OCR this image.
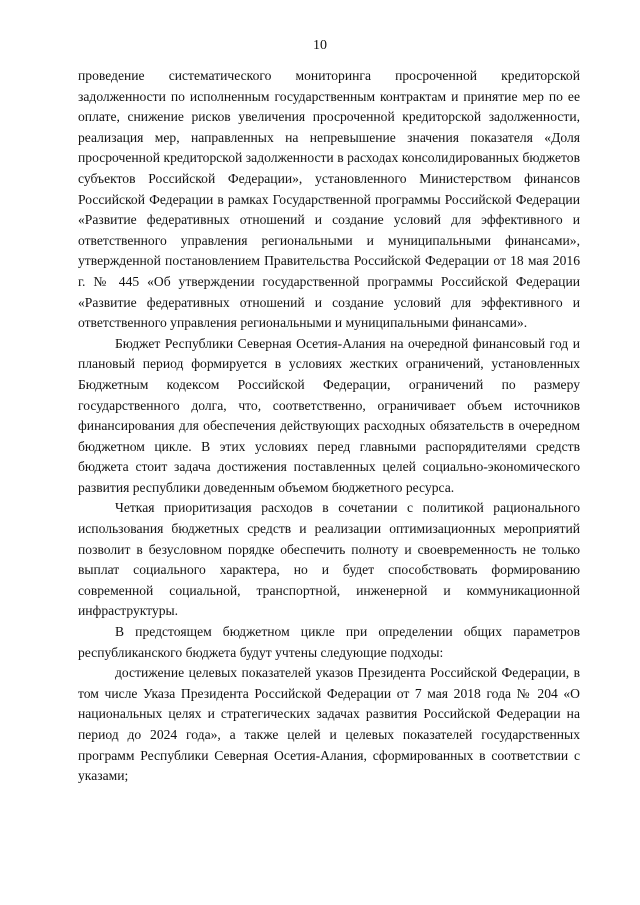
10

проведение систематического мониторинга просроченной кредиторской задолженности по исполненным государственным контрактам и принятие мер по ее оплате, снижение рисков увеличения просроченной кредиторской задолженности, реализация мер, направленных на непревышение значения показателя «Доля просроченной кредиторской задолженности в расходах консолидированных бюджетов субъектов Российской Федерации», установленного Министерством финансов Российской Федерации в рамках Государственной программы Российской Федерации «Развитие федеративных отношений и создание условий для эффективного и ответственного управления региональными и муниципальными финансами», утвержденной постановлением Правительства Российской Федерации от 18 мая 2016 г. № 445 «Об утверждении государственной программы Российской Федерации «Развитие федеративных отношений и создание условий для эффективного и ответственного управления региональными и муниципальными финансами».

Бюджет Республики Северная Осетия-Алания на очередной финансовый год и плановый период формируется в условиях жестких ограничений, установленных Бюджетным кодексом Российской Федерации, ограничений по размеру государственного долга, что, соответственно, ограничивает объем источников финансирования для обеспечения действующих расходных обязательств в очередном бюджетном цикле. В этих условиях перед главными распорядителями средств бюджета стоит задача достижения поставленных целей социально-экономического развития республики доведенным объемом бюджетного ресурса.

Четкая приоритизация расходов в сочетании с политикой рационального использования бюджетных средств и реализации оптимизационных мероприятий позволит в безусловном порядке обеспечить полноту и своевременность не только выплат социального характера, но и будет способствовать формированию современной социальной, транспортной, инженерной и коммуникационной инфраструктуры.

В предстоящем бюджетном цикле при определении общих параметров республиканского бюджета будут учтены следующие подходы:

достижение целевых показателей указов Президента Российской Федерации, в том числе Указа Президента Российской Федерации от 7 мая 2018 года № 204 «О национальных целях и стратегических задачах развития Российской Федерации на период до 2024 года», а также целей и целевых показателей государственных программ Республики Северная Осетия-Алания, сформированных в соответствии с указами;
